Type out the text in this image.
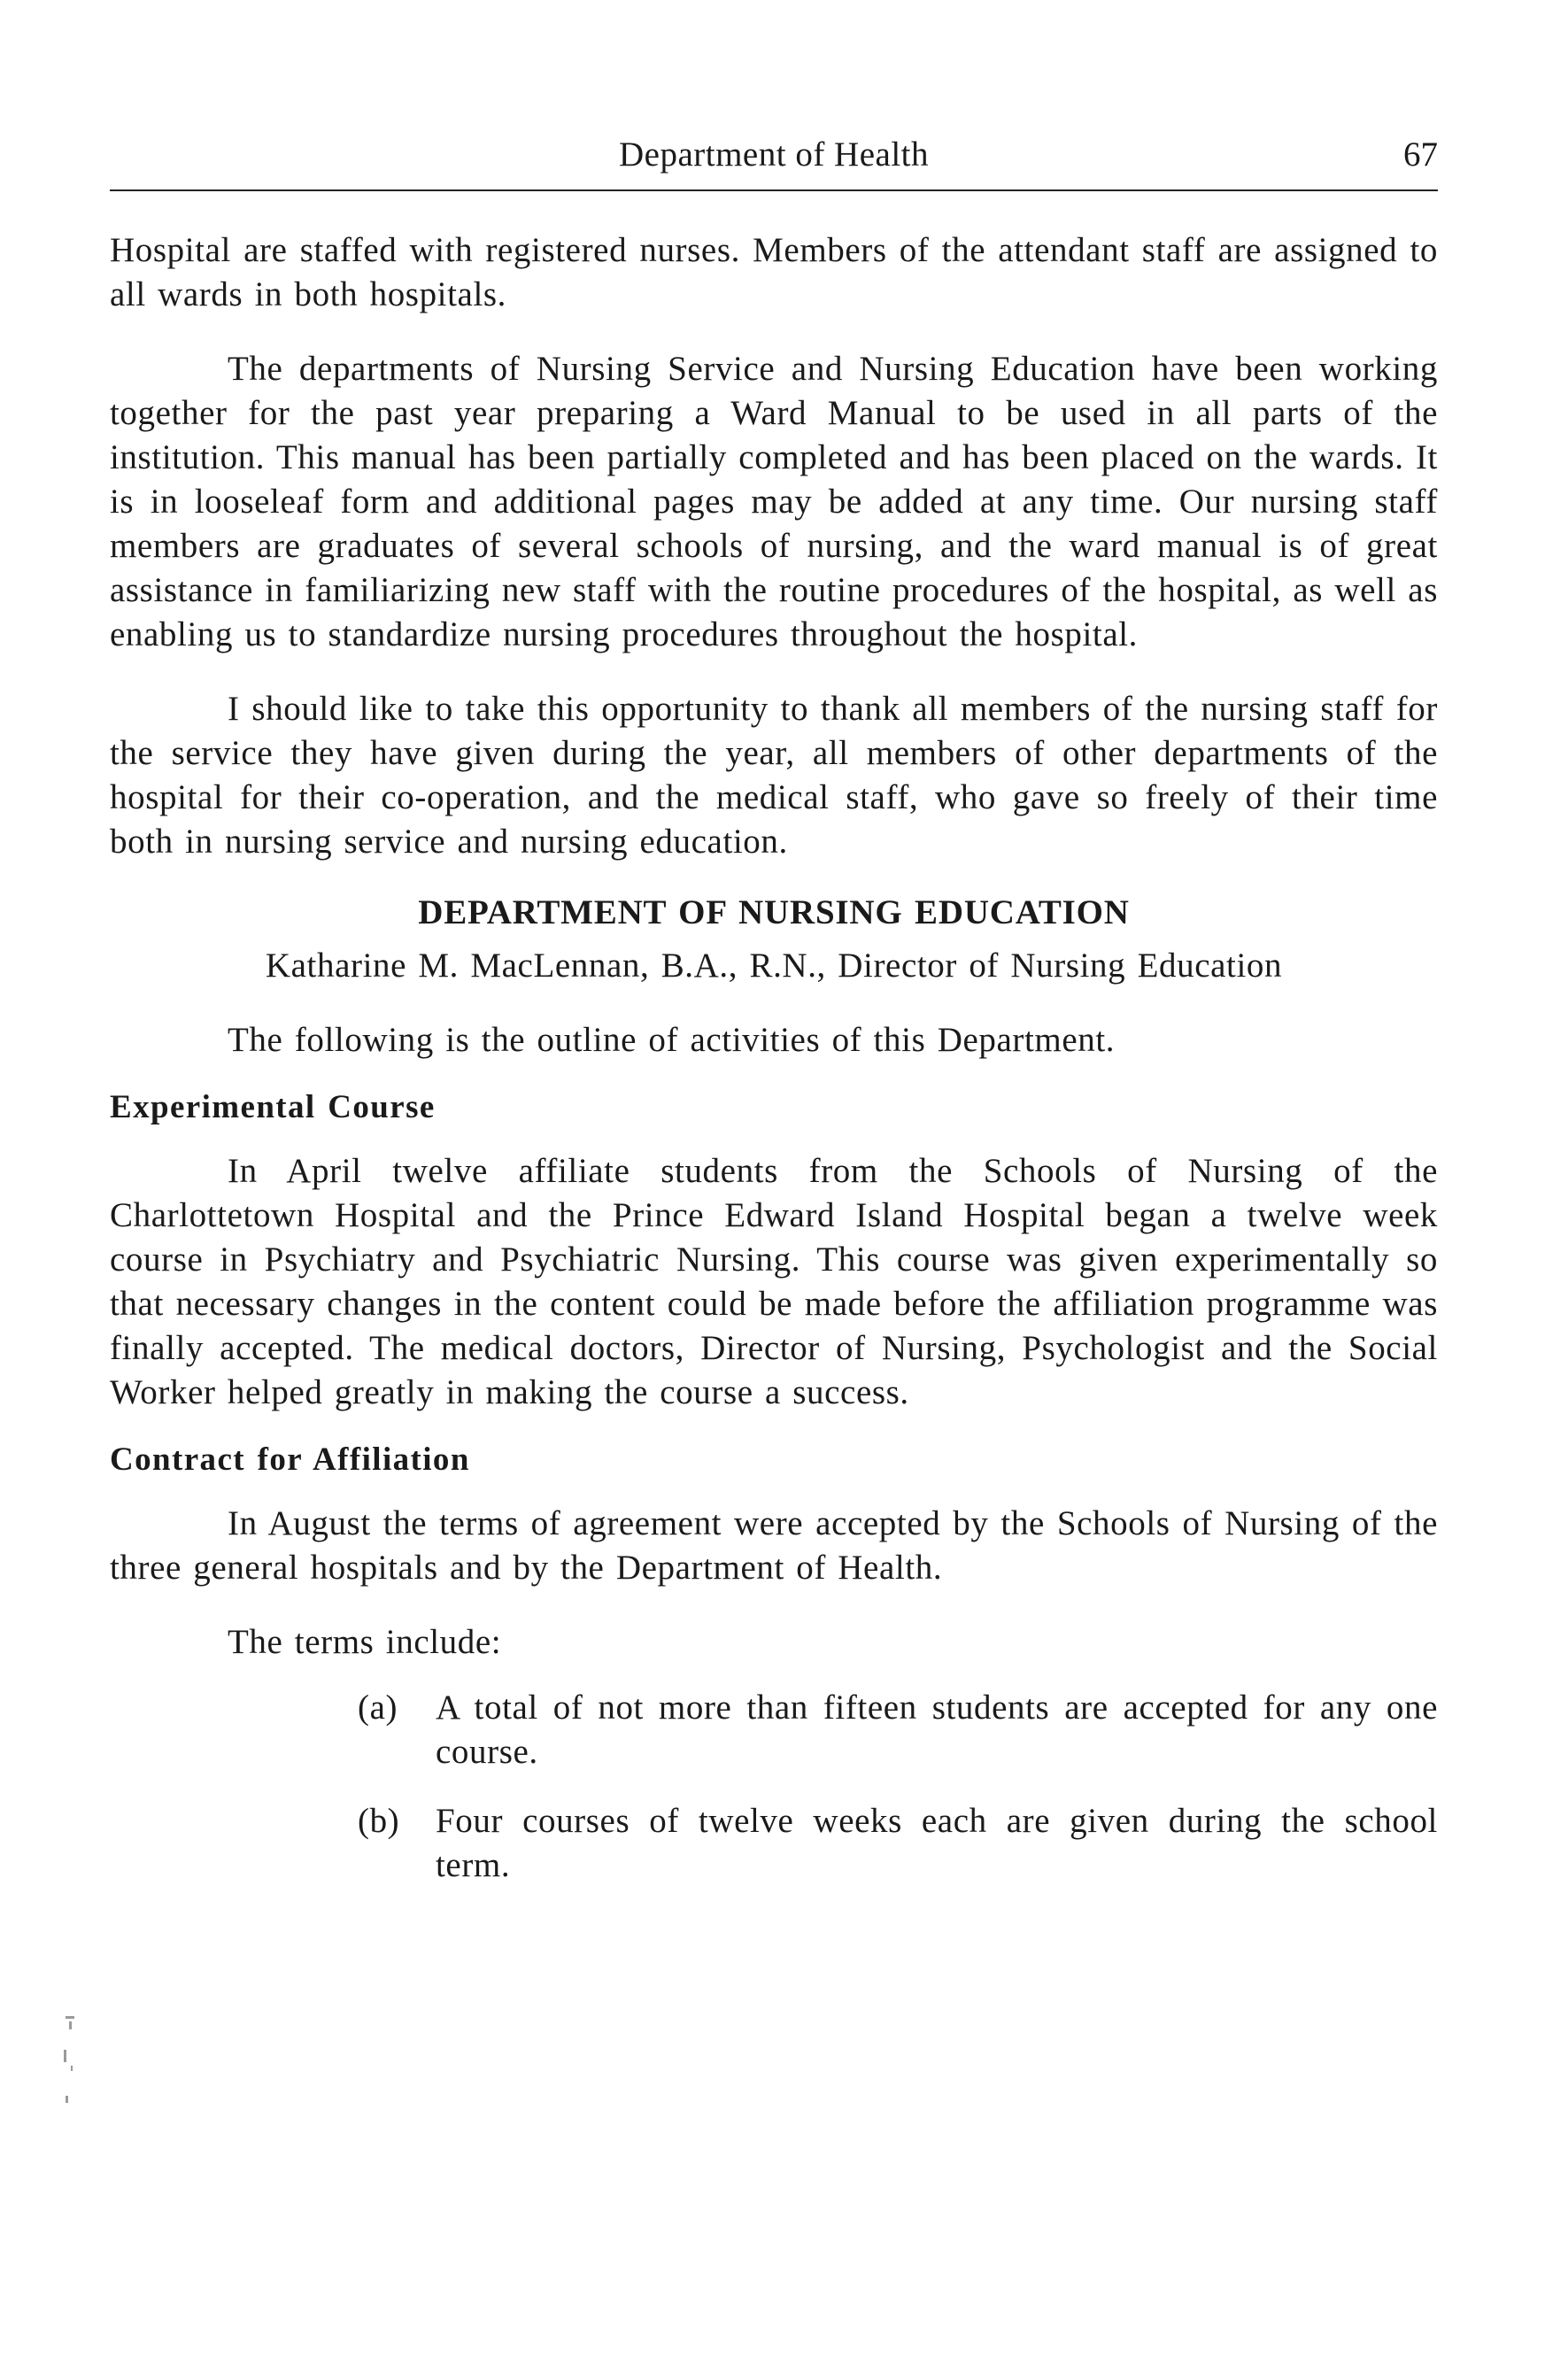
Department of Health	67

Hospital are staffed with registered nurses. Members of the attendant staff are assigned to all wards in both hospitals.

The departments of Nursing Service and Nursing Education have been working together for the past year preparing a Ward Manual to be used in all parts of the institution. This manual has been partially completed and has been placed on the wards. It is in looseleaf form and additional pages may be added at any time. Our nursing staff members are graduates of several schools of nursing, and the ward manual is of great assistance in familiarizing new staff with the routine procedures of the hospital, as well as enabling us to standardize nursing procedures throughout the hospital.

I should like to take this opportunity to thank all members of the nursing staff for the service they have given during the year, all members of other departments of the hospital for their co-operation, and the medical staff, who gave so freely of their time both in nursing service and nursing education.

DEPARTMENT OF NURSING EDUCATION

Katharine M. MacLennan, B.A., R.N., Director of Nursing Education

The following is the outline of activities of this Department.

Experimental Course

In April twelve affiliate students from the Schools of Nursing of the Charlottetown Hospital and the Prince Edward Island Hospital began a twelve week course in Psychiatry and Psychiatric Nursing. This course was given experimentally so that necessary changes in the content could be made before the affiliation programme was finally accepted. The medical doctors, Director of Nursing, Psychologist and the Social Worker helped greatly in making the course a success.

Contract for Affiliation

In August the terms of agreement were accepted by the Schools of Nursing of the three general hospitals and by the Department of Health.

The terms include:

(a) A total of not more than fifteen students are accepted for any one course.
(b) Four courses of twelve weeks each are given during the school term.
